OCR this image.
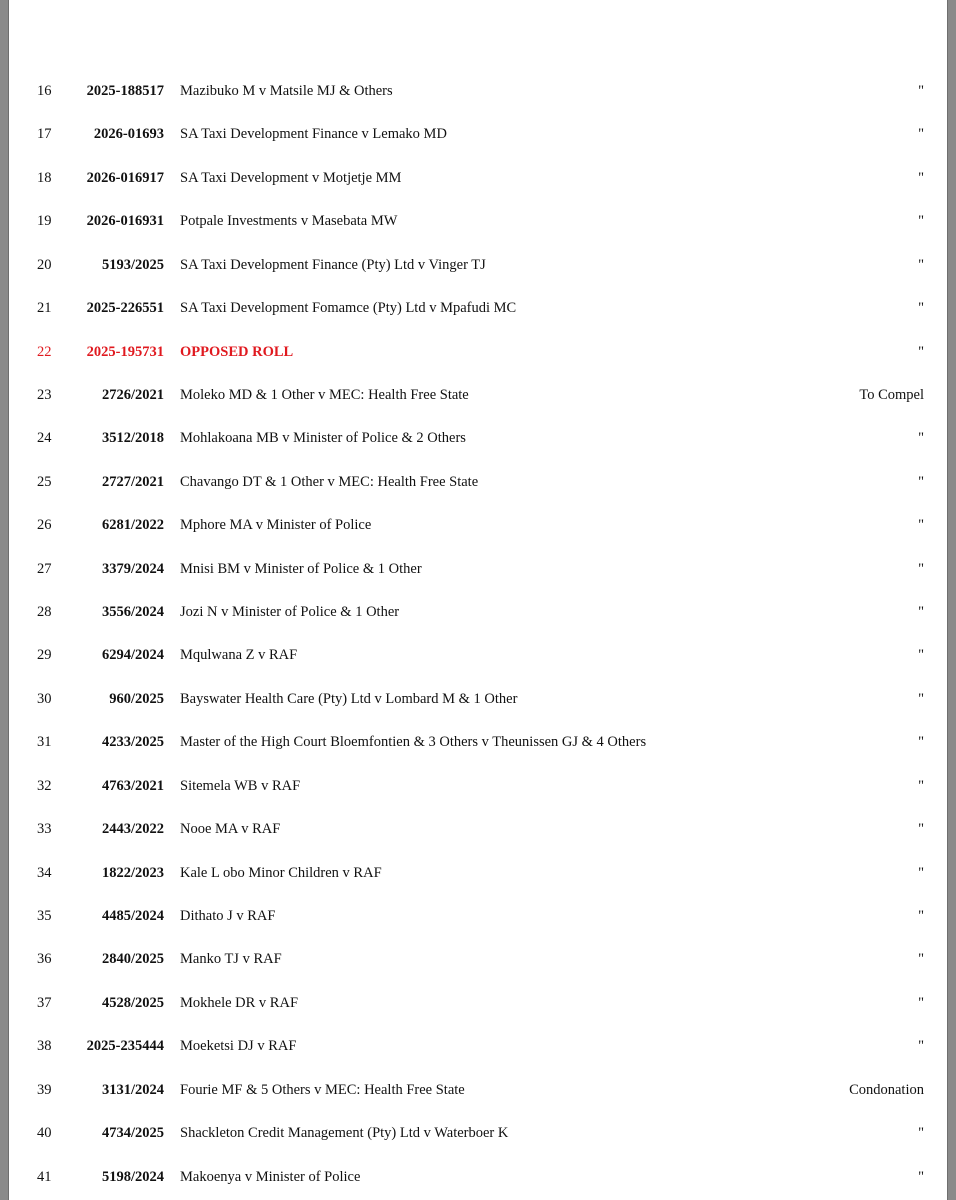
16 2025-188517 Mazibuko M v Matsile MJ & Others	"
17	2026-01693 SA Taxi Development Finance v Lemako MD	"
18 2026-016917 SA Taxi Development v Motjetje MM	"
19 2026-016931 Potpale Investments v Masebata MW	"
20	5193/2025 SA Taxi Development Finance (Pty) Ltd v Vinger TJ	"
21 2025-226551 SA Taxi Development Fomamce (Pty) Ltd v Mpafudi MC	"
22 2025-195731 OPPOSED ROLL	"
23	2726/2021 Moleko MD & 1 Other v MEC: Health Free State	To Compel
24	3512/2018 Mohlakoana MB v Minister of Police & 2 Others	"
25	2727/2021 Chavango DT & 1 Other v MEC: Health Free State	"
26	6281/2022 Mphore MA v Minister of Police	"
27	3379/2024 Mnisi BM v Minister of Police & 1 Other	"
28	3556/2024 Jozi N v Minister of Police & 1 Other	"
29	6294/2024 Mqulwana Z v RAF	"
30	960/2025 Bayswater Health Care (Pty) Ltd v Lombard M & 1 Other	"
31	4233/2025 Master of the High Court Bloemfontien & 3 Others v Theunissen GJ & 4 Others	"
32	4763/2021 Sitemela WB v RAF	"
33	2443/2022 Nooe MA v RAF	"
34	1822/2023 Kale L obo Minor Children v RAF	"
35	4485/2024 Dithato J v RAF	"
36	2840/2025 Manko TJ v RAF	"
37	4528/2025 Mokhele DR v RAF	"
38 2025-235444 Moeketsi DJ v RAF	"
39	3131/2024 Fourie MF & 5 Others v MEC: Health Free State	Condonation
40	4734/2025 Shackleton Credit Management (Pty) Ltd v Waterboer K	"
41	5198/2024 Makoenya v Minister of Police	"
